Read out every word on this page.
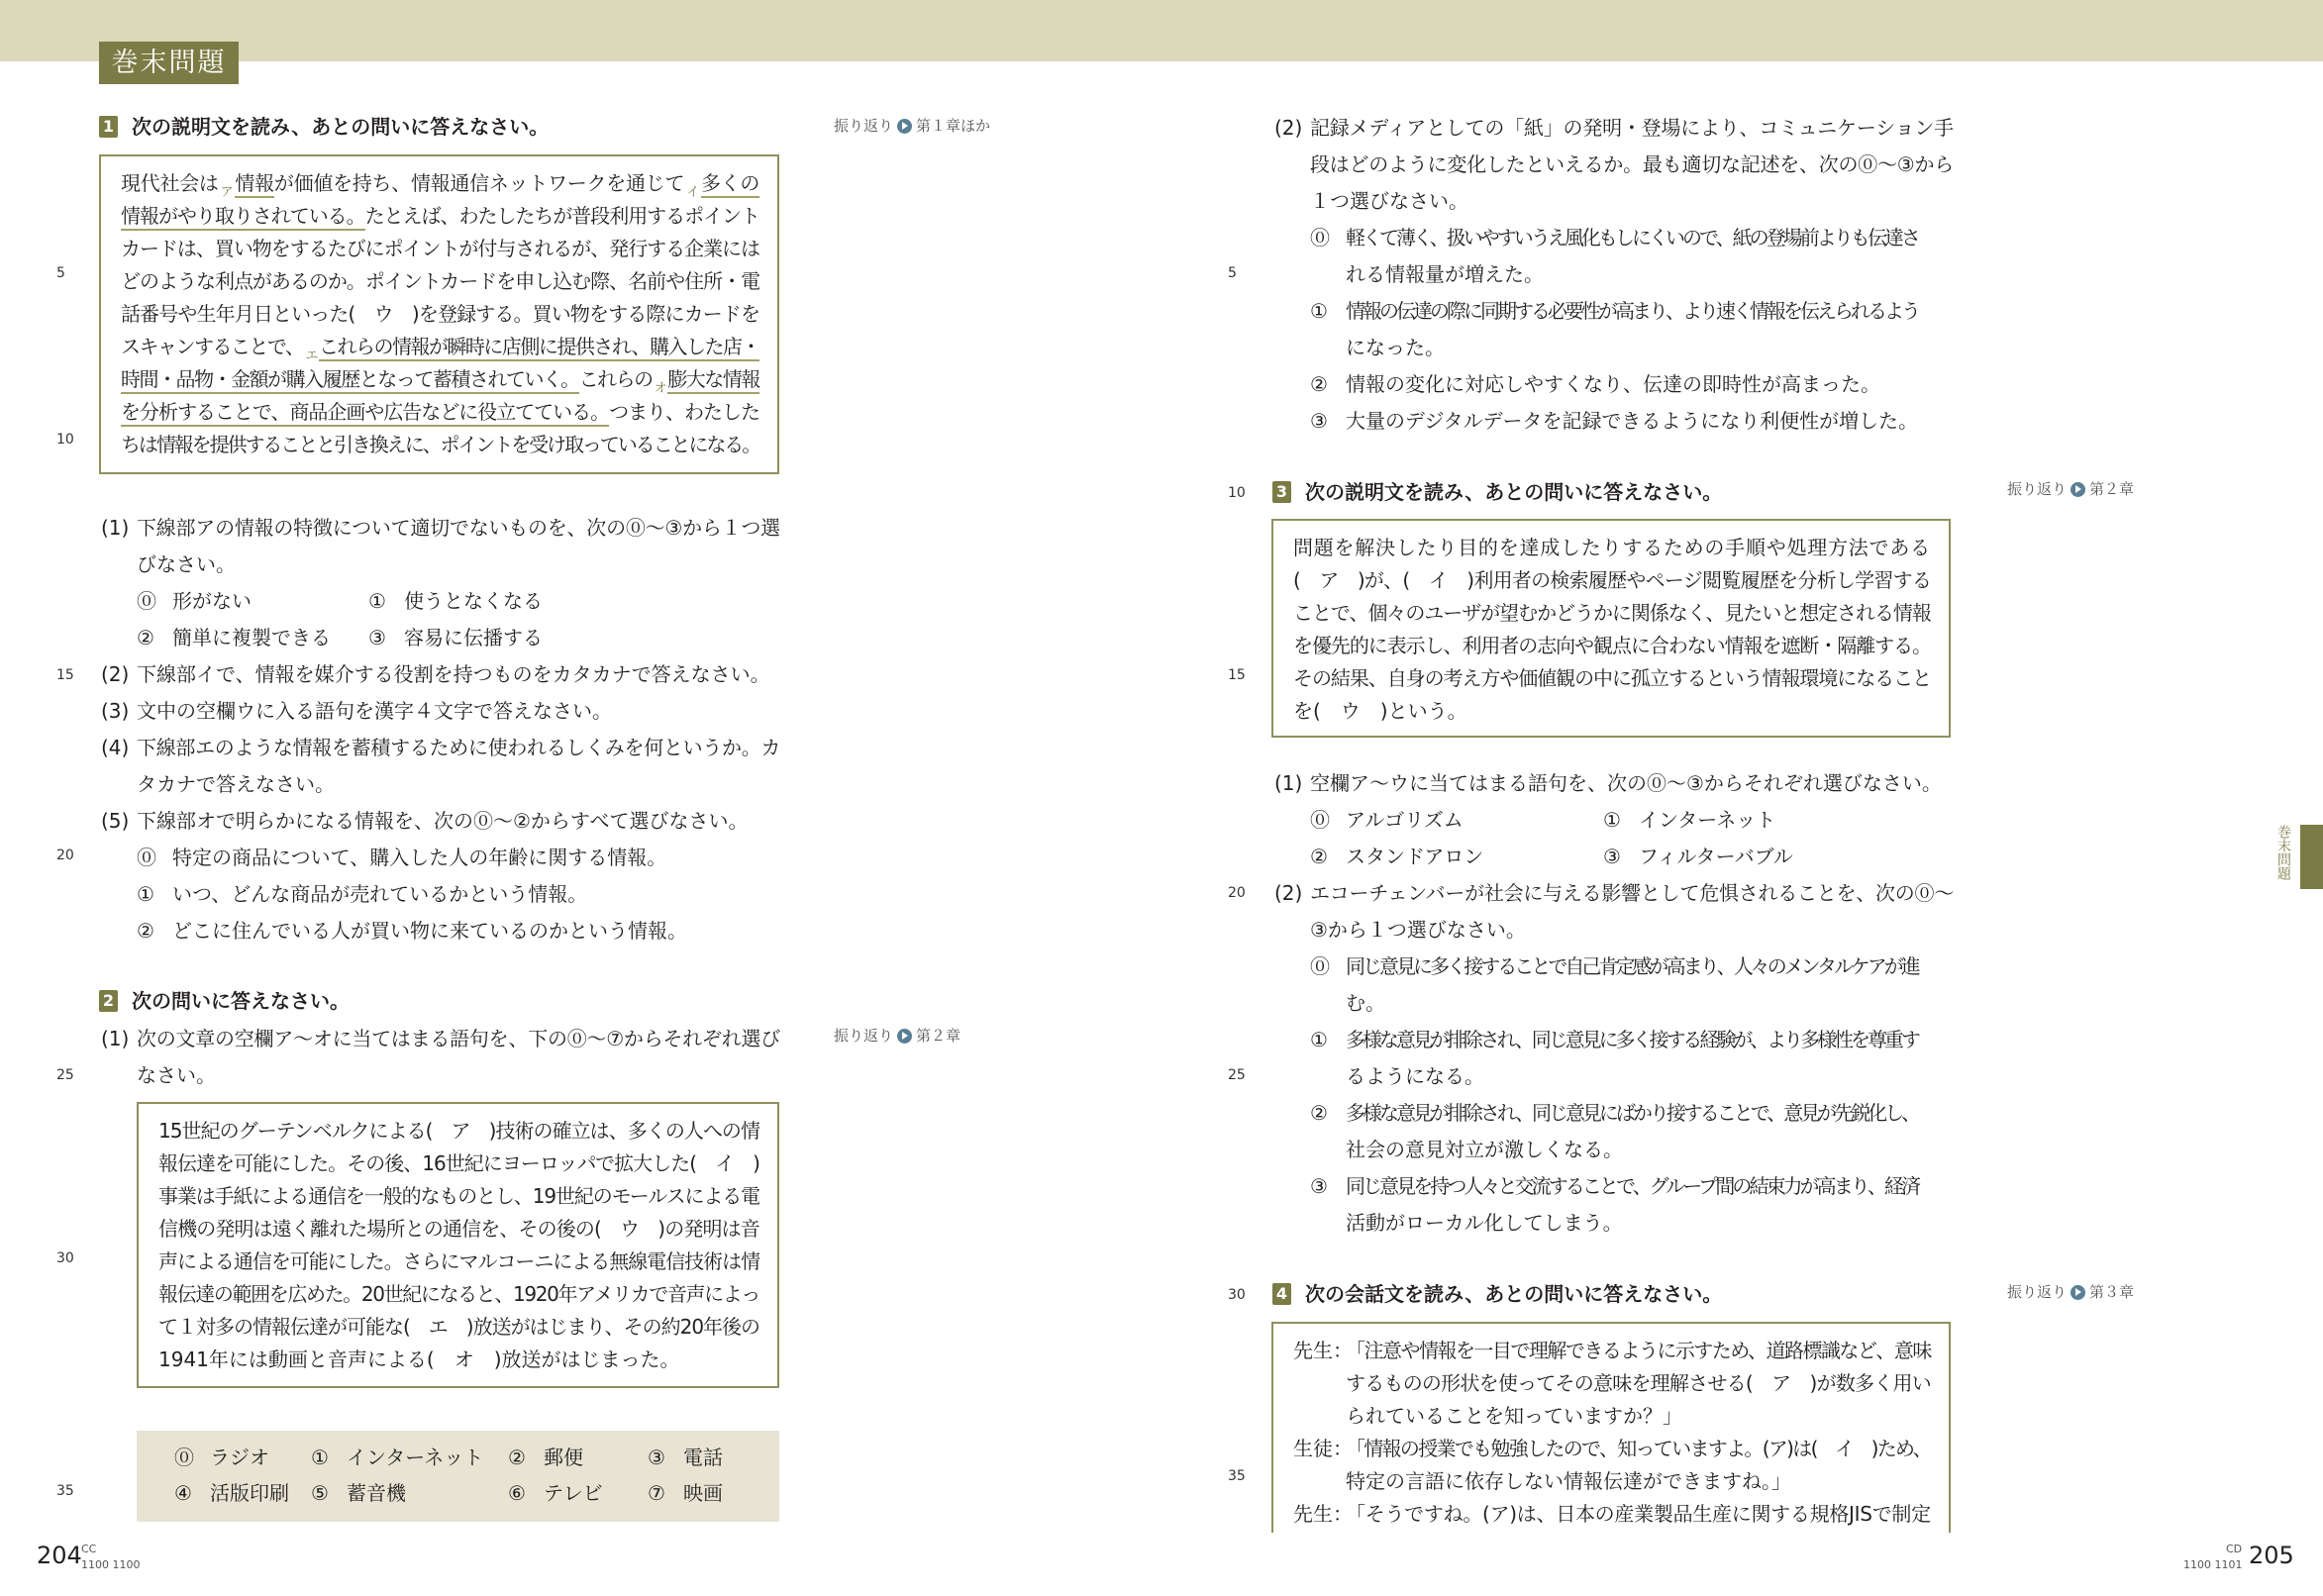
巻末問題
5
10
15
20
25
30
35
5
10
15
20
25
30
35
1 次の説明文を読み、あとの問いに答えなさい。	振り返り 第１章ほか
現代社会は $_ア$ 情報が価値を持ち、情報通信ネットワークを通じて $_イ$ 多くの
情報がやり取りされている。たとえば、わたしたちが普段利用するポイント
カードは、買い物をするたびにポイントが付与されるが、発行する企業には
どのような利点があるのか。ポイントカードを申し込む際、名前や住所・電
話番号や生年月日といった(　ウ　)を登録する。買い物をする際にカードを
スキャンすることで、 $_エ$ これらの情報が瞬時に店側に提供され、購入した店・
時間・品物・金額が購入履歴となって蓄積されていく。これらの $_オ$ 膨大な情報
を分析することで、商品企画や広告などに役立てている。つまり、わたした
ちは情報を提供することと引き換えに、ポイントを受け取っていることになる。
(1) 下線部アの情報の特徴について適切でないものを、次の⓪～③から１つ選
びなさい。
⓪ 形がない	① 使うとなくなる
② 簡単に複製できる	③ 容易に伝播する
(2) 下線部イで、情報を媒介する役割を持つものをカタカナで答えなさい。
(3) 文中の空欄ウに入る語句を漢字４文字で答えなさい。
(4) 下線部エのような情報を蓄積するために使われるしくみを何というか。カ
タカナで答えなさい。
(5) 下線部オで明らかになる情報を、次の⓪～②からすべて選びなさい。
⓪ 特定の商品について、購入した人の年齢に関する情報。
① いつ、どんな商品が売れているかという情報。
② どこに住んでいる人が買い物に来ているのかという情報。
2 次の問いに答えなさい。
振り返り 第２章
(1) 次の文章の空欄ア～オに当てはまる語句を、下の⓪～⑦からそれぞれ選び
なさい。
15世紀のグーテンベルクによる(　ア　)技術の確立は、多くの人への情
報伝達を可能にした。その後、16世紀にヨーロッパで拡大した(　イ　)
事業は手紙による通信を一般的なものとし、19世紀のモールスによる電
信機の発明は遠く離れた場所との通信を、その後の(　ウ　)の発明は音
声による通信を可能にした。さらにマルコーニによる無線電信技術は情
報伝達の範囲を広めた。20世紀になると、1920年アメリカで音声によっ
て１対多の情報伝達が可能な(　エ　)放送がはじまり、その約20年後の
1941年には動画と音声による(　オ　)放送がはじまった。
⓪ ラジオ ① インターネット ② 郵便	③ 電話
④ 活版印刷 ⑤ 蓄音機	⑥ テレビ ⑦ 映画
(2) 記録メディアとしての「紙」の発明・登場により、コミュニケーション手
段はどのように変化したといえるか。最も適切な記述を、次の⓪～③から
１つ選びなさい。
⓪ 軽くて薄く、扱いやすいうえ風化もしにくいので、紙の登場前よりも伝達さ
れる情報量が増えた。
① 情報の伝達の際に同期する必要性が高まり、より速く情報を伝えられるよう
になった。
② 情報の変化に対応しやすくなり、伝達の即時性が高まった。
③ 大量のデジタルデータを記録できるようになり利便性が増した。
3 次の説明文を読み、あとの問いに答えなさい。	振り返り 第２章
問題を解決したり目的を達成したりするための手順や処理方法である
(　ア　)が、(　イ　)利用者の検索履歴やページ閲覧履歴を分析し学習する
ことで、個々のユーザが望むかどうかに関係なく、見たいと想定される情報
を優先的に表示し、利用者の志向や観点に合わない情報を遮断・隔離する。
その結果、自身の考え方や価値観の中に孤立するという情報環境になること
を(　ウ　)という。
(1) 空欄ア～ウに当てはまる語句を、次の⓪～③からそれぞれ選びなさい。
⓪ アルゴリズム	① インターネット
② スタンドアロン	③ フィルターバブル
(2) エコーチェンバーが社会に与える影響として危惧されることを、次の⓪～
③から１つ選びなさい。
⓪ 同じ意見に多く接することで自己肯定感が高まり、人々のメンタルケアが進
む。
① 多様な意見が排除され、同じ意見に多く接する経験が、より多様性を尊重す
るようになる。
② 多様な意見が排除され、同じ意見にばかり接することで、意見が先鋭化し、
社会の意見対立が激しくなる。
③ 同じ意見を持つ人々と交流することで、グループ間の結束力が高まり、経済
活動がローカル化してしまう。
4 次の会話文を読み、あとの問いに答えなさい。	振り返り 第３章
先生：
「注意や情報を一目で理解できるように示すため、道路標識など、意味
するものの形状を使ってその意味を理解させる(　ア　)が数多く用い
られていることを知っていますか？」
生徒：
「情報の授業でも勉強したので、知っていますよ。(ア)は(　イ　)ため、
特定の言語に依存しない情報伝達ができますね。」
先生：
「そうですね。(ア)は、日本の産業製品生産に関する規格JISで制定
巻末問題
204 CC
1100 1100	205
CD
1100 1101
